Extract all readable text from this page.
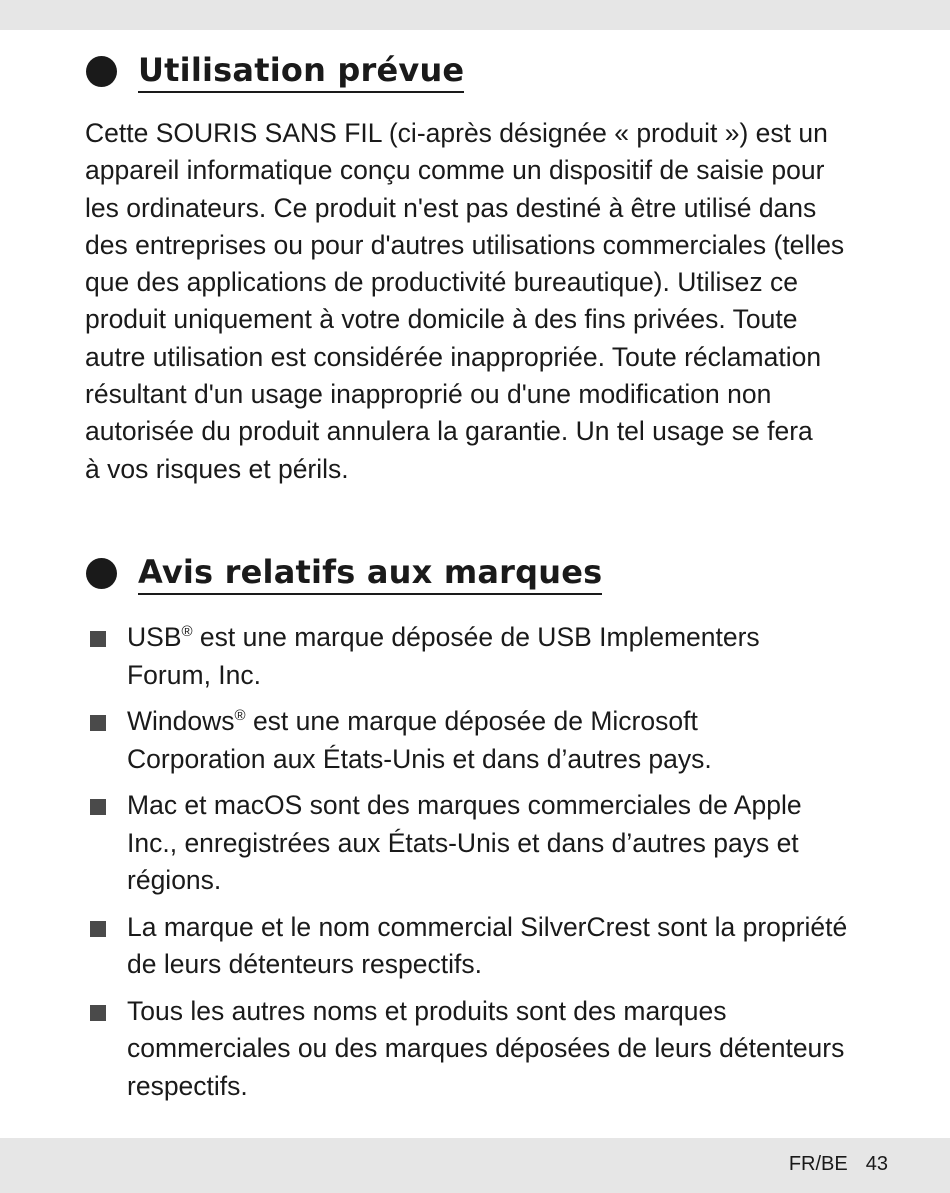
Utilisation prévue
Cette SOURIS SANS FIL (ci-après désignée « produit ») est un
appareil informatique conçu comme un dispositif de saisie pour
les ordinateurs. Ce produit n'est pas destiné à être utilisé dans
des entreprises ou pour d'autres utilisations commerciales (telles
que des applications de productivité bureautique). Utilisez ce
produit uniquement à votre domicile à des fins privées. Toute
autre utilisation est considérée inappropriée. Toute réclamation
résultant d'un usage inapproprié ou d'une modification non
autorisée du produit annulera la garantie. Un tel usage se fera
à vos risques et périls.
Avis relatifs aux marques
USB® est une marque déposée de USB Implementers
Forum, Inc.
Windows® est une marque déposée de Microsoft
Corporation aux États-Unis et dans d’autres pays.
Mac et macOS sont des marques commerciales de Apple
Inc., enregistrées aux États-Unis et dans d’autres pays et
régions.
La marque et le nom commercial SilverCrest sont la propriété
de leurs détenteurs respectifs.
Tous les autres noms et produits sont des marques
commerciales ou des marques déposées de leurs détenteurs
respectifs.
FR/BE 43
